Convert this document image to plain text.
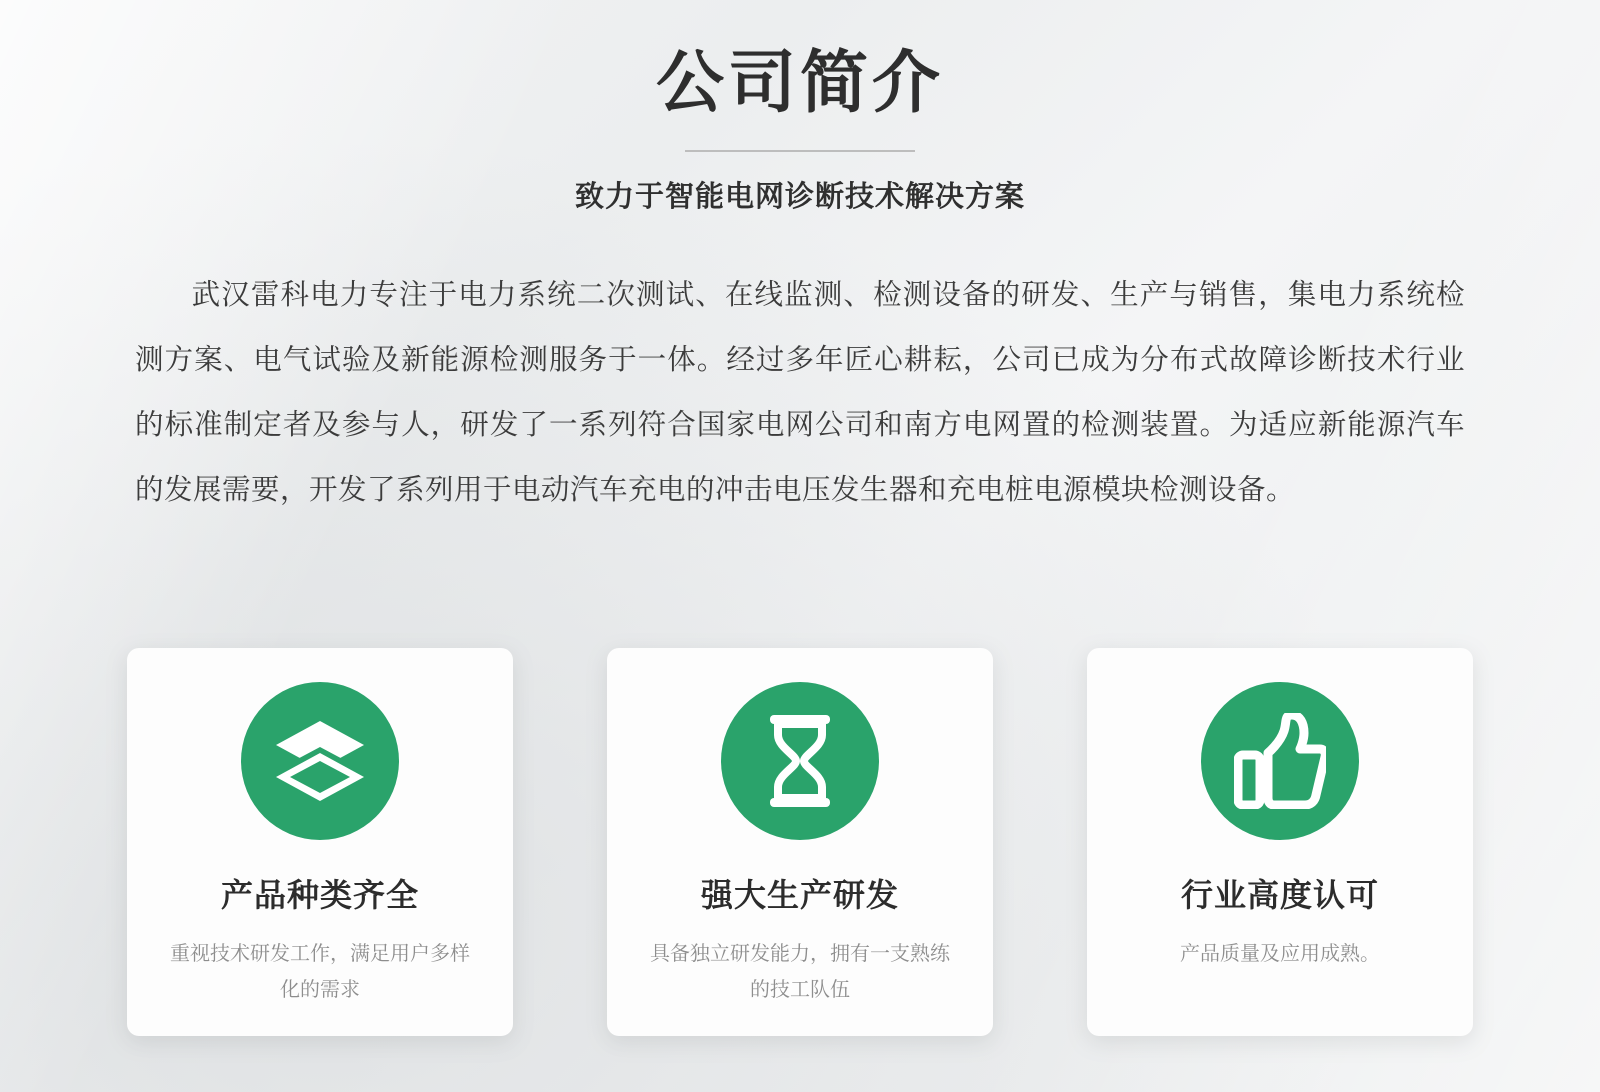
公司简介
致力于智能电网诊断技术解决方案
武汉雷科电力专注于电力系统二次测试、在线监测、检测设备的研发、生产与销售，集电力系统检测方案、电气试验及新能源检测服务于一体。经过多年匠心耕耘，公司已成为分布式故障诊断技术行业的标准制定者及参与人，研发了一系列符合国家电网公司和南方电网置的检测装置。为适应新能源汽车的发展需要，开发了系列用于电动汽车充电的冲击电压发生器和充电桩电源模块检测设备。
产品种类齐全
重视技术研发工作，满足用户多样化的需求
强大生产研发
具备独立研发能力，拥有一支熟练的技工队伍
行业高度认可
产品质量及应用成熟。
